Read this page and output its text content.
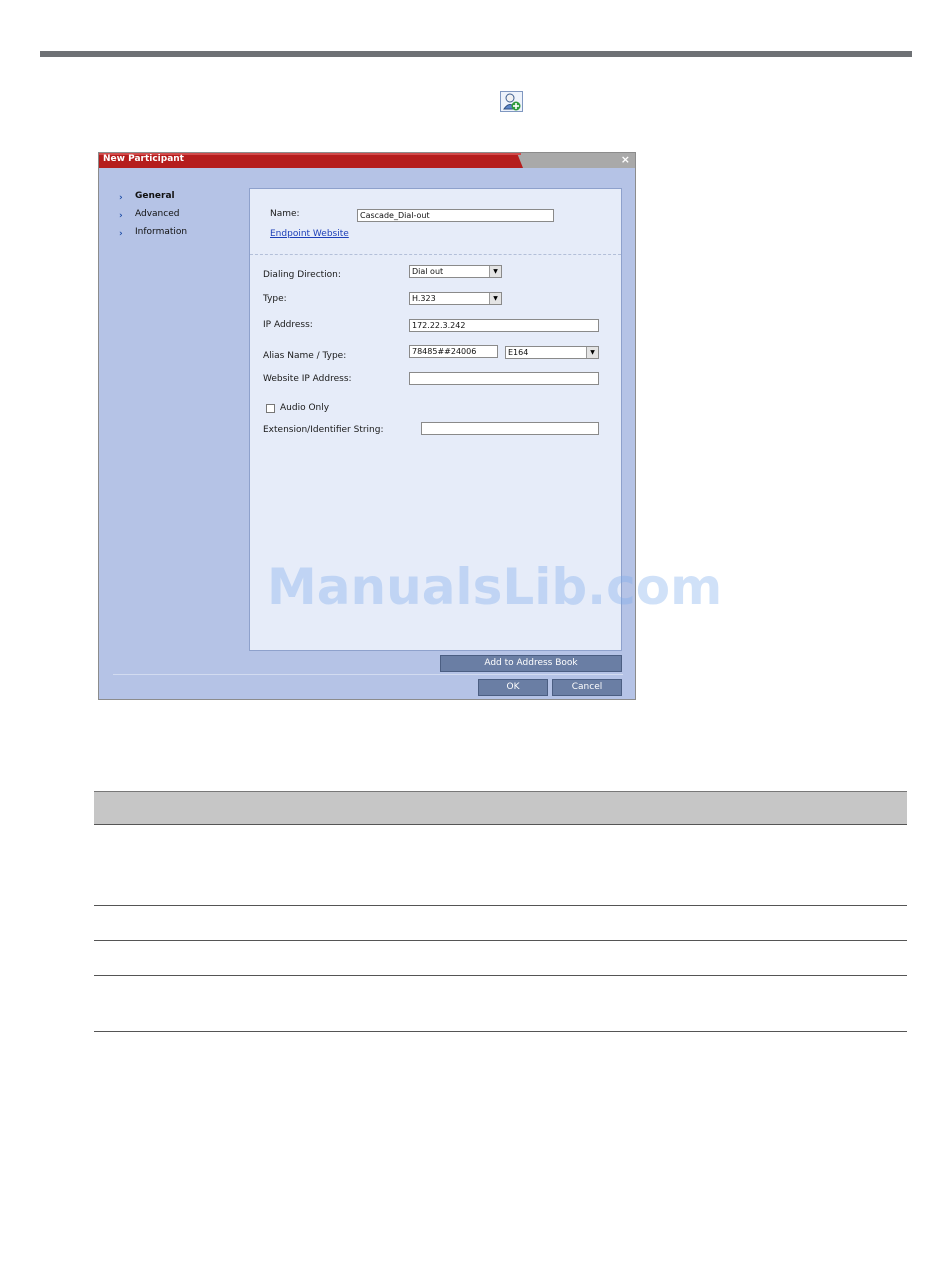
New Participant	×
› General
› Advanced
› Information
Name:	Cascade_Dial-out
Endpoint Website
Dialing Direction:	Dial out	▼
Type:	H.323	▼
IP Address:	172.22.3.242
Alias Name / Type:	78485##24006	E164	▼
Website IP Address:
Audio Only
Extension/Identifier String:
Add to Address Book
OK	Cancel
ManualsLib.com
